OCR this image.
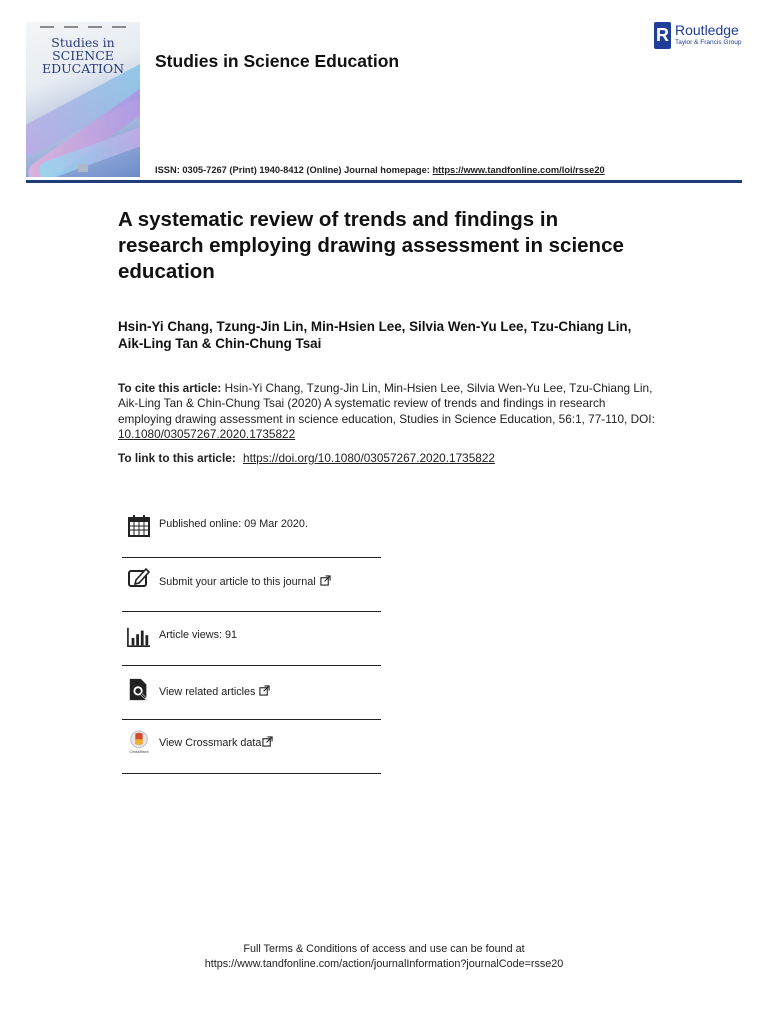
Studies in
SCIENCE
EDUCATION	Studies in Science Education
R Routledge
Taylor & Francis Group
ISSN: 0305-7267 (Print) 1940-8412 (Online) Journal homepage: https://www.tandfonline.com/loi/rsse20
A systematic review of trends and findings in research employing drawing assessment in science education
Hsin-Yi Chang, Tzung-Jin Lin, Min-Hsien Lee, Silvia Wen-Yu Lee, Tzu-Chiang Lin, Aik-Ling Tan & Chin-Chung Tsai
To cite this article: Hsin-Yi Chang, Tzung-Jin Lin, Min-Hsien Lee, Silvia Wen-Yu Lee, Tzu-Chiang Lin, Aik-Ling Tan & Chin-Chung Tsai (2020) A systematic review of trends and findings in research employing drawing assessment in science education, Studies in Science Education, 56:1, 77-110, DOI: 10.1080/03057267.2020.1735822
To link to this article: https://doi.org/10.1080/03057267.2020.1735822
Published online: 09 Mar 2020.
Submit your article to this journal
Article views: 91
View related articles
CrossMark
View Crossmark data
Full Terms & Conditions of access and use can be found at
https://www.tandfonline.com/action/journalInformation?journalCode=rsse20
